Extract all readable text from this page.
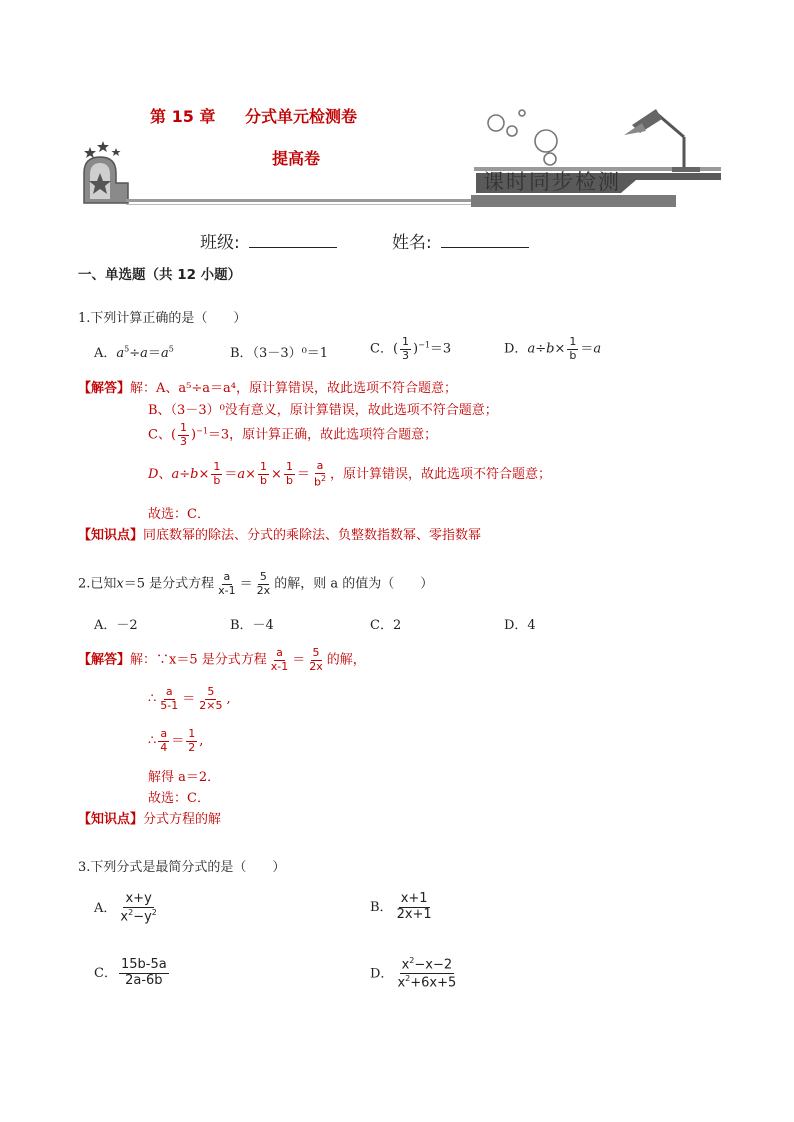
第 15 章 分式单元检测卷
提高卷
课时同步检测
班级:	姓名:
一、单选题（共 12 小题）
1.下列计算正确的是（　　）
A．$a^5\div a=a^5$	B．（3－3）⁰＝1	C．( $\frac{1}{3} )^{-1}=3$	D．$a\div b\times \frac{1}{b} =a$
【解答】解：A、a⁵÷a＝a⁴，原计算错误，故此选项不符合题意；
B、（3－3）⁰没有意义，原计算错误，故此选项不符合题意；
C、( $\frac{1}{3} )^{-1}=3$，原计算正确，故此选项符合题意；
D、$a\div b\times \frac{1}{b} =a\times \frac{1}{b} \times \frac{1}{b} = \frac{a}{b^2}$ ，原计算错误，故此选项不符合题意；
故选：C．
【知识点】同底数幂的除法、分式的乘除法、负整数指数幂、零指数幂
2.已知x＝5 是分式方程 $\frac{a}{x-1} = \frac{5}{2x}$ 的解，则 a 的值为（　　）
A．－2	B．－4	C．2	D．4
【解答】解：∵x＝5 是分式方程 $\frac{a}{x-1} = \frac{5}{2x}$ 的解，
∴ $\frac{a}{5-1} = \frac{5}{2\times 5}$ ,
∴ $\frac{a}{4} = \frac{1}{2}$ ,
解得 a＝2．
故选：C．
【知识点】分式方程的解
3.下列分式是最简分式的是（　　）
A． $\frac{x+y}{x^2-y^2}$	B． $\frac{x+1}{2x+1}$
C． $\frac{15b-5a}{2a-6b}$	D． $\frac{x^2-x-2}{x^2+6x+5}$
